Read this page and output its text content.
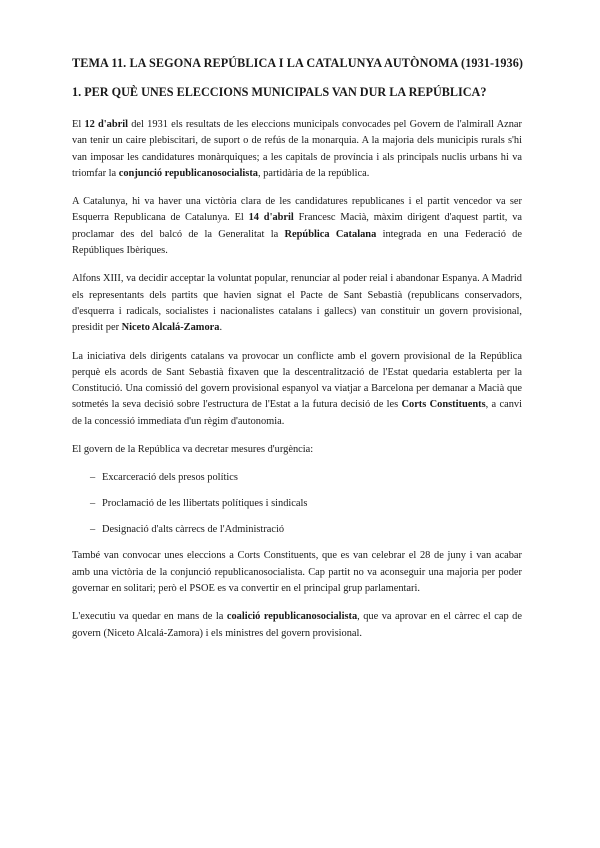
TEMA 11. LA SEGONA REPÚBLICA I LA CATALUNYA AUTÒNOMA (1931-1936)
1. PER QUÈ UNES ELECCIONS MUNICIPALS VAN DUR LA REPÚBLICA?

El 12 d'abril del 1931 els resultats de les eleccions municipals convocades pel Govern de l'almirall Aznar van tenir un caire plebiscitari, de suport o de refús de la monarquia. A la majoria dels municipis rurals s'hi van imposar les candidatures monàrquiques; a les capitals de província i als principals nuclis urbans hi va triomfar la conjunció republicanosocialista, partidària de la república.

A Catalunya, hi va haver una victòria clara de les candidatures republicanes i el partit vencedor va ser Esquerra Republicana de Catalunya. El 14 d'abril Francesc Macià, màxim dirigent d'aquest partit, va proclamar des del balcó de la Generalitat la República Catalana integrada en una Federació de Repúbliques Ibèriques.

Alfons XIII, va decidir acceptar la voluntat popular, renunciar al poder reial i abandonar Espanya. A Madrid els representants dels partits que havien signat el Pacte de Sant Sebastià (republicans conservadors, d'esquerra i radicals, socialistes i nacionalistes catalans i gallecs) van constituir un govern provisional, presidit per Niceto Alcalá-Zamora.

La iniciativa dels dirigents catalans va provocar un conflicte amb el govern provisional de la República perquè els acords de Sant Sebastià fixaven que la descentralització de l'Estat quedaria establerta per la Constitució. Una comissió del govern provisional espanyol va viatjar a Barcelona per demanar a Macià que sotmetés la seva decisió sobre l'estructura de l'Estat a la futura decisió de les Corts Constituents, a canvi de la concessió immediata d'un règim d'autonomia.

El govern de la República va decretar mesures d'urgència:

– Excarceració dels presos polítics
– Proclamació de les llibertats polítiques i sindicals
– Designació d'alts càrrecs de l'Administració

També van convocar unes eleccions a Corts Constituents, que es van celebrar el 28 de juny i van acabar amb una victòria de la conjunció republicanosocialista. Cap partit no va aconseguir una majoria per poder governar en solitari; però el PSOE es va convertir en el principal grup parlamentari.

L'executiu va quedar en mans de la coalició republicanosocialista, que va aprovar en el càrrec el cap de govern (Niceto Alcalá-Zamora) i els ministres del govern provisional.
